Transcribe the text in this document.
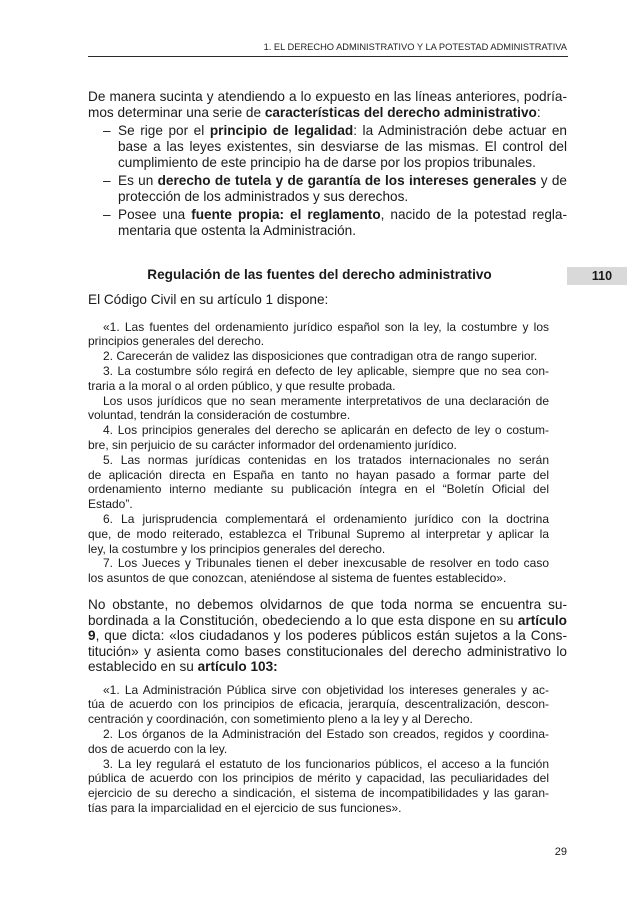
1. EL DERECHO ADMINISTRATIVO Y LA POTESTAD ADMINISTRATIVA
De manera sucinta y atendiendo a lo expuesto en las líneas anteriores, podría-
mos determinar una serie de características del derecho administrativo:
– Se rige por el principio de legalidad: la Administración debe actuar en
base a las leyes existentes, sin desviarse de las mismas. El control del
cumplimiento de este principio ha de darse por los propios tribunales.
– Es un derecho de tutela y de garantía de los intereses generales y de
protección de los administrados y sus derechos.
– Posee una fuente propia: el reglamento, nacido de la potestad regla-
mentaria que ostenta la Administración.
Regulación de las fuentes del derecho administrativo	110
El Código Civil en su artículo 1 dispone:
«1. Las fuentes del ordenamiento jurídico español son la ley, la costumbre y los
principios generales del derecho.
2. Carecerán de validez las disposiciones que contradigan otra de rango superior.
3. La costumbre sólo regirá en defecto de ley aplicable, siempre que no sea con-
traria a la moral o al orden público, y que resulte probada.
Los usos jurídicos que no sean meramente interpretativos de una declaración de
voluntad, tendrán la consideración de costumbre.
4. Los principios generales del derecho se aplicarán en defecto de ley o costum-
bre, sin perjuicio de su carácter informador del ordenamiento jurídico.
5. Las normas jurídicas contenidas en los tratados internacionales no serán
de aplicación directa en España en tanto no hayan pasado a formar parte del
ordenamiento interno mediante su publicación íntegra en el “Boletín Oficial del
Estado”.
6. La jurisprudencia complementará el ordenamiento jurídico con la doctrina
que, de modo reiterado, establezca el Tribunal Supremo al interpretar y aplicar la
ley, la costumbre y los principios generales del derecho.
7. Los Jueces y Tribunales tienen el deber inexcusable de resolver en todo caso
los asuntos de que conozcan, ateniéndose al sistema de fuentes establecido».
No obstante, no debemos olvidarnos de que toda norma se encuentra su-
bordinada a la Constitución, obedeciendo a lo que esta dispone en su artículo
9, que dicta: «los ciudadanos y los poderes públicos están sujetos a la Cons-
titución» y asienta como bases constitucionales del derecho administrativo lo
establecido en su artículo 103:
«1. La Administración Pública sirve con objetividad los intereses generales y ac-
túa de acuerdo con los principios de eficacia, jerarquía, descentralización, descon-
centración y coordinación, con sometimiento pleno a la ley y al Derecho.
2. Los órganos de la Administración del Estado son creados, regidos y coordina-
dos de acuerdo con la ley.
3. La ley regulará el estatuto de los funcionarios públicos, el acceso a la función
pública de acuerdo con los principios de mérito y capacidad, las peculiaridades del
ejercicio de su derecho a sindicación, el sistema de incompatibilidades y las garan-
tías para la imparcialidad en el ejercicio de sus funciones».
29
